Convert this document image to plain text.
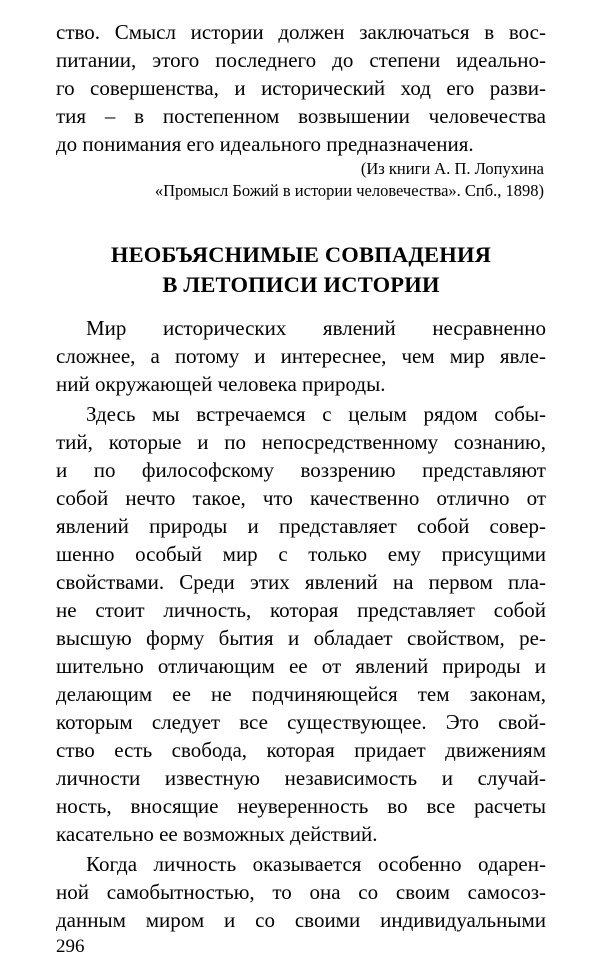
ство. Смысл истории должен заключаться в вос-
питании, этого последнего до степени идеально-
го совершенства, и исторический ход его разви-
тия – в постепенном возвышении человечества
до понимания его идеального предназначения.
(Из книги А. П. Лопухина
«Промысл Божий в истории человечества». Спб., 1898)
НЕОБЪЯСНИМЫЕ СОВПАДЕНИЯ
В ЛЕТОПИСИ ИСТОРИИ
Мир исторических явлений несравненно
сложнее, а потому и интереснее, чем мир явле-
ний окружающей человека природы.
Здесь мы встречаемся с целым рядом собы-
тий, которые и по непосредственному сознанию,
и по философскому воззрению представляют
собой нечто такое, что качественно отлично от
явлений природы и представляет собой совер-
шенно особый мир с только ему присущими
свойствами. Среди этих явлений на первом пла-
не стоит личность, которая представляет собой
высшую форму бытия и обладает свойством, ре-
шительно отличающим ее от явлений природы и
делающим ее не подчиняющейся тем законам,
которым следует все существующее. Это свой-
ство есть свобода, которая придает движениям
личности известную независимость и случай-
ность, вносящие неуверенность во все расчеты
касательно ее возможных действий.
Когда личность оказывается особенно одарен-
ной самобытностью, то она со своим самосоз-
данным миром и со своими индивидуальными
296
